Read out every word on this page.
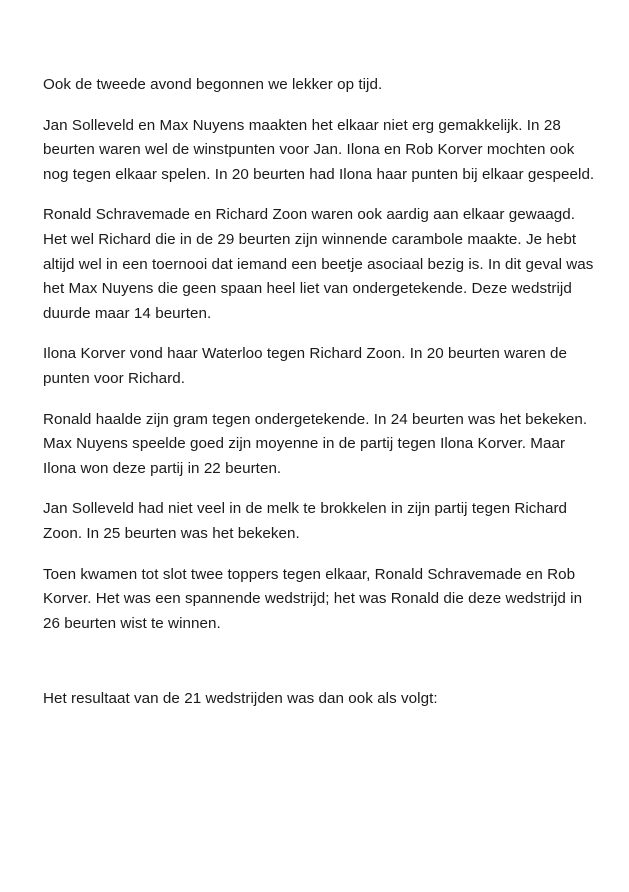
Ook de tweede avond begonnen we lekker op tijd.

Jan Solleveld en Max Nuyens maakten het elkaar niet erg gemakkelijk. In 28 beurten waren wel de winstpunten voor Jan. Ilona en Rob Korver mochten ook nog tegen elkaar spelen. In 20 beurten had Ilona haar punten bij elkaar gespeeld.

Ronald Schravemade en Richard Zoon waren ook aardig aan elkaar gewaagd. Het wel Richard die in de 29 beurten zijn winnende carambole maakte. Je hebt altijd wel in een toernooi dat iemand een beetje asociaal bezig is. In dit geval was het Max Nuyens die geen spaan heel liet van ondergetekende. Deze wedstrijd duurde maar 14 beurten.

Ilona Korver vond haar Waterloo tegen Richard Zoon. In 20 beurten waren de punten voor Richard.

Ronald haalde zijn gram tegen ondergetekende. In 24 beurten was het bekeken. Max Nuyens speelde goed zijn moyenne in de partij tegen Ilona Korver. Maar Ilona won deze partij in 22 beurten.

Jan Solleveld had niet veel in de melk te brokkelen in zijn partij tegen Richard Zoon. In 25 beurten was het bekeken.

Toen kwamen tot slot twee toppers tegen elkaar, Ronald Schravemade en Rob Korver. Het was een spannende wedstrijd; het was Ronald die deze wedstrijd in 26 beurten wist te winnen.

Het resultaat van de 21 wedstrijden was dan ook als volgt:
